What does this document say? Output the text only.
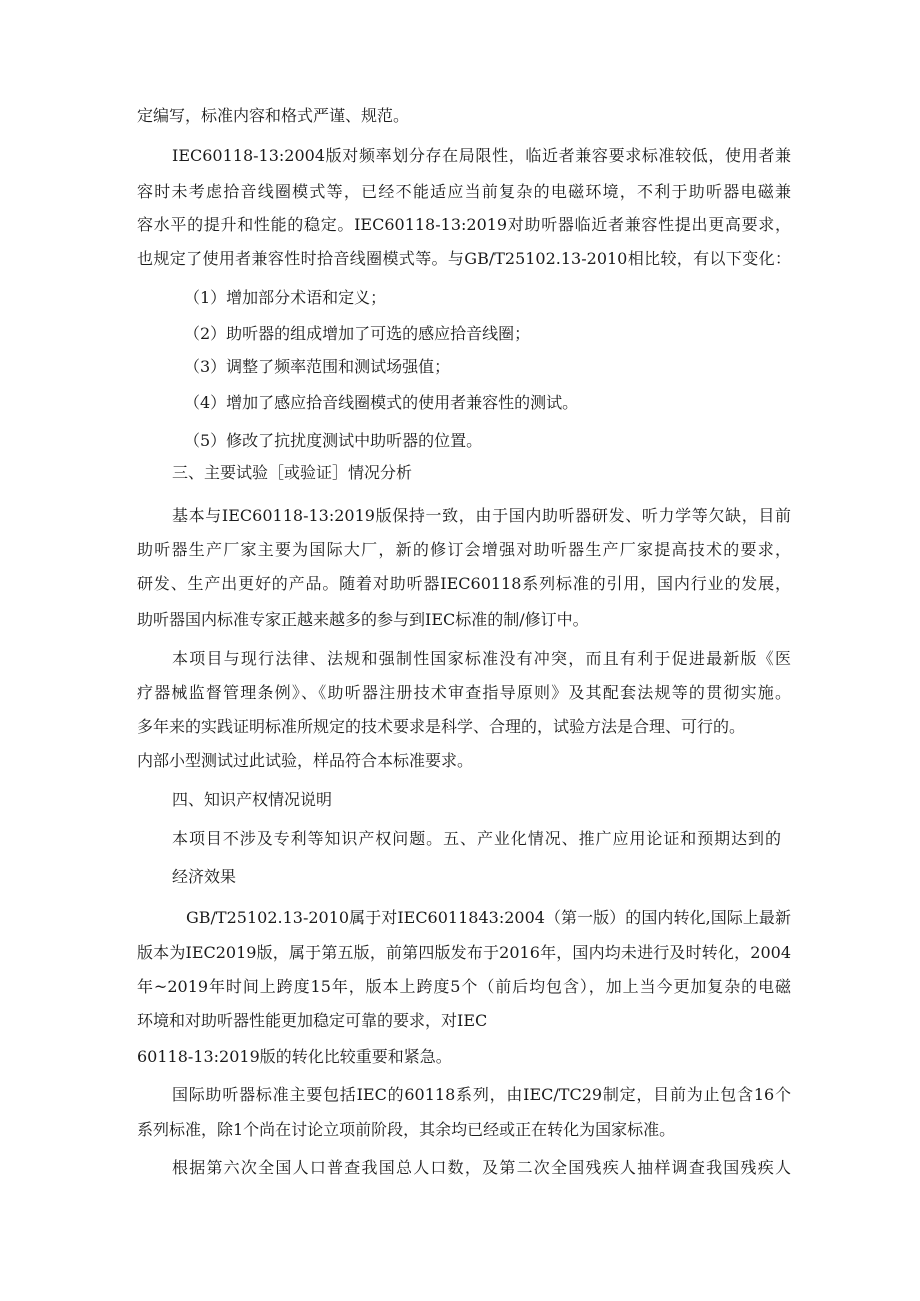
定编写，标准内容和格式严谨、规范。

IEC60118-13:2004版对频率划分存在局限性，临近者兼容要求标准较低，使用者兼

容时未考虑拾音线圈模式等，已经不能适应当前复杂的电磁环境，不利于助听器电磁兼

容水平的提升和性能的稳定。IEC60118-13:2019对助听器临近者兼容性提出更高要求，

也规定了使用者兼容性时拾音线圈模式等。与GB/T25102.13-2010相比较，有以下变化：

（1）增加部分术语和定义；

（2）助听器的组成增加了可选的感应拾音线圈；

（3）调整了频率范围和测试场强值；

（4）增加了感应拾音线圈模式的使用者兼容性的测试。

（5）修改了抗扰度测试中助听器的位置。

三、主要试验［或验证］情况分析

基本与IEC60118-13:2019版保持一致，由于国内助听器研发、听力学等欠缺，目前

助听器生产厂家主要为国际大厂，新的修订会增强对助听器生产厂家提高技术的要求，

研发、生产出更好的产品。随着对助听器IEC60118系列标准的引用，国内行业的发展，

助听器国内标准专家正越来越多的参与到IEC标准的制/修订中。

本项目与现行法律、法规和强制性国家标准没有冲突，而且有利于促进最新版《医

疗器械监督管理条例》、《助听器注册技术审查指导原则》及其配套法规等的贯彻实施。

多年来的实践证明标准所规定的技术要求是科学、合理的，试验方法是合理、可行的。

内部小型测试过此试验，样品符合本标准要求。

四、知识产权情况说明

本项目不涉及专利等知识产权问题。五、产业化情况、推广应用论证和预期达到的

经济效果

GB/T25102.13-2010属于对IEC6011843:2004（第一版）的国内转化,国际上最新

版本为IEC2019版，属于第五版，前第四版发布于2016年，国内均未进行及时转化，2004

年~2019年时间上跨度15年，版本上跨度5个（前后均包含），加上当今更加复杂的电磁

环境和对助听器性能更加稳定可靠的要求，对IEC

60118-13:2019版的转化比较重要和紧急。

国际助听器标准主要包括IEC的60118系列，由IEC/TC29制定，目前为止包含16个

系列标准，除1个尚在讨论立项前阶段，其余均已经或正在转化为国家标准。

根据第六次全国人口普查我国总人口数，及第二次全国残疾人抽样调查我国残疾人
